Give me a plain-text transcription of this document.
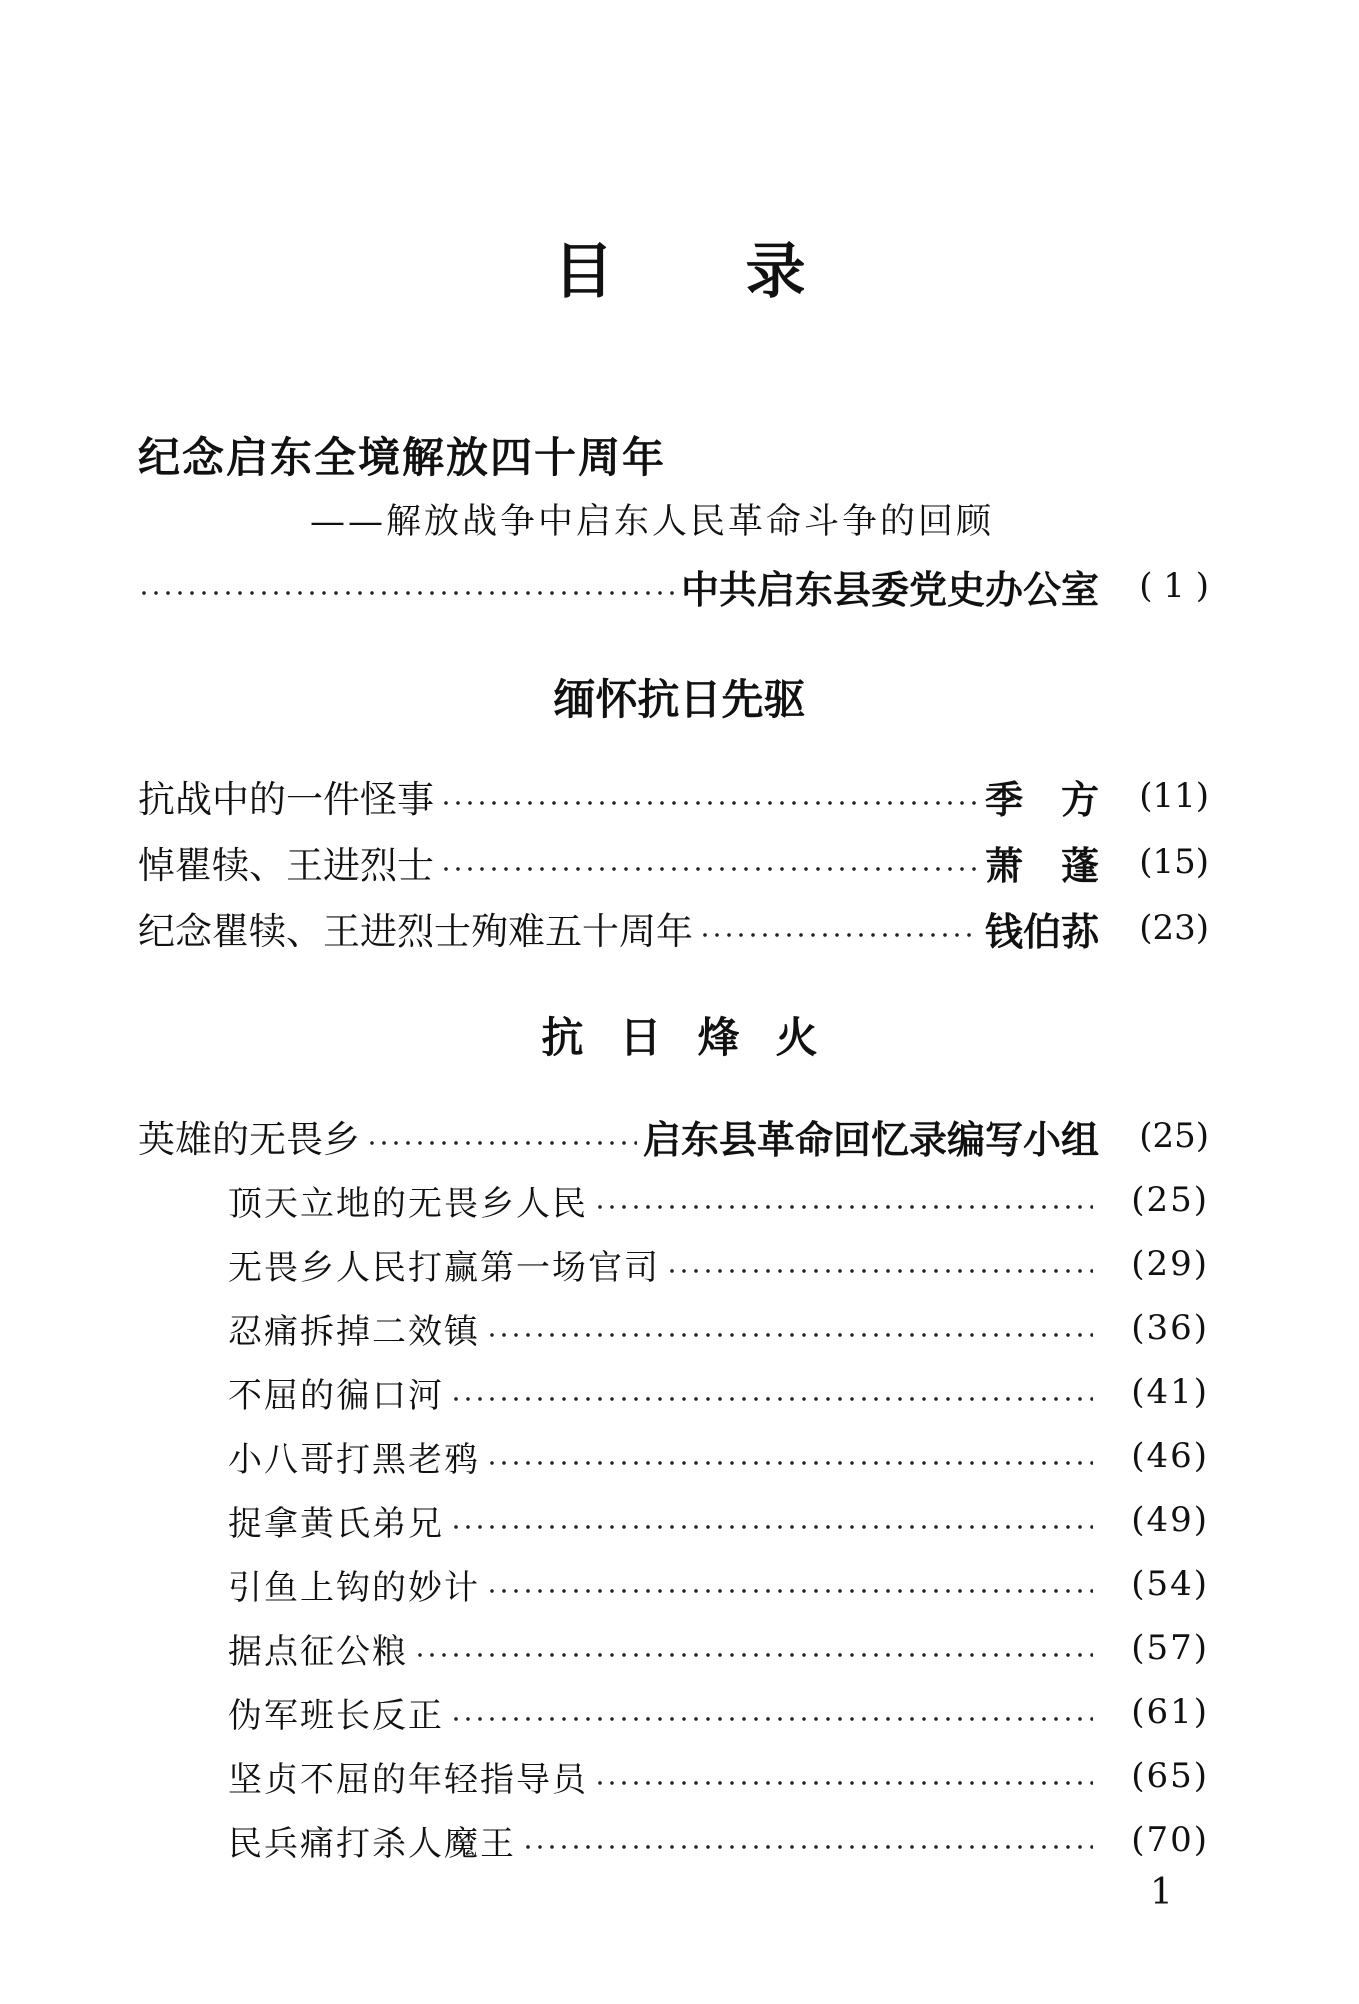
目 录
纪念启东全境解放四十周年
——解放战争中启东人民革命斗争的回顾
中共启东县委党史办公室	( 1 )
缅怀抗日先驱
抗战中的一件怪事	季　方	(11)
悼瞿犊、王进烈士	萧　蓬	(15)
纪念瞿犊、王进烈士殉难五十周年	钱伯荪	(23)
抗日烽火
英雄的无畏乡	启东县革命回忆录编写小组	(25)
顶天立地的无畏乡人民	(25)
无畏乡人民打赢第一场官司	(29)
忍痛拆掉二效镇	(36)
不屈的徧口河	(41)
小八哥打黑老鸦	(46)
捉拿黄氏弟兄	(49)
引鱼上钩的妙计	(54)
据点征公粮	(57)
伪军班长反正	(61)
坚贞不屈的年轻指导员	(65)
民兵痛打杀人魔王	(70)
1
